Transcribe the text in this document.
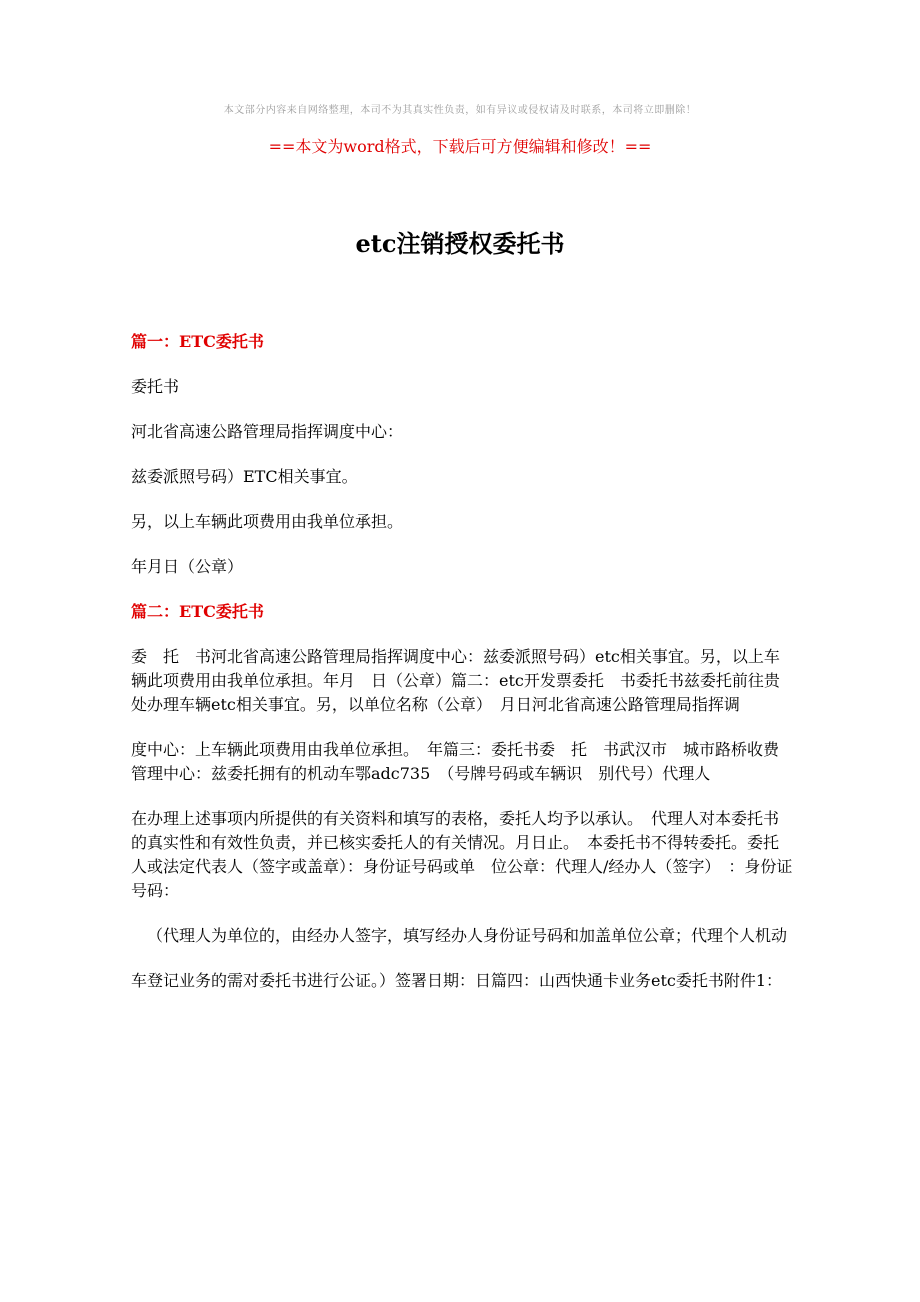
本文部分内容来自网络整理，本司不为其真实性负责，如有异议或侵权请及时联系，本司将立即删除！
==本文为word格式，下载后可方便编辑和修改！==
etc注销授权委托书

篇一：ETC委托书

委托书

河北省高速公路管理局指挥调度中心：

兹委派照号码）ETC相关事宜。

另，以上车辆此项费用由我单位承担。

年月日（公章）

篇二：ETC委托书

委　托　书河北省高速公路管理局指挥调度中心：兹委派照号码）etc相关事宜。另，以上车辆此项费用由我单位承担。年月　日（公章）篇二：etc开发票委托　书委托书兹委托前往贵处办理车辆etc相关事宜。另，以单位名称（公章）　月日河北省高速公路管理局指挥调

度中心：上车辆此项费用由我单位承担。　年篇三：委托书委　托　书武汉市　城市路桥收费管理中心：兹委托拥有的机动车鄂adc735　（号牌号码或车辆识　别代号）代理人

在办理上述事项内所提供的有关资料和填写的表格，委托人均予以承认。　代理人对本委托书的真实性和有效性负责，并已核实委托人的有关情况。月日止。　本委托书不得转委托。委托人或法定代表人（签字或盖章）：身份证号码或单　位公章：代理人/经办人（签字）　：身份证号码：

（代理人为单位的，由经办人签字，填写经办人身份证号码和加盖单位公章；代理个人机动

车登记业务的需对委托书进行公证。）签署日期：日篇四：山西快通卡业务etc委托书附件1：
